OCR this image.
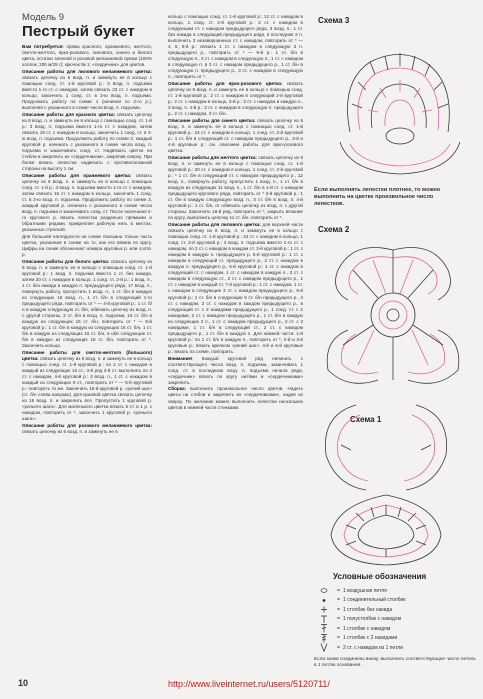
Модель 9
Пестрый букет

Вам потребуется: пряжа красного, оранжевого, желтого, светло-желтого, ярко-розового, лилового, синего и белого цвета, остатки зеленой и розовой меланжевой пряжи (100% хлопок, 200 м/25 г); крючок № 1; «сердечник» для цветов.

Описание работы для лилового меланжевого цветка: связать цепочку из 6 возд. п. и замкнуть ее в кольцо с помощью соед. ст. 1-й круговой р.: 3 возд. п. подъема вместо 1-го ст. с накидом, затем связать 23 ст. с накидом в кольцо, закончить 1 соед. ст. в 3-ю возд. п. подъема. Продолжить работу по схеме 1 (начиная со 2-го р.), выполняя с указанного в схеме числа возд. п. подъема.

Описание работы для красного цветка: связать цепочку из 8 возд. п. и замкнуть ее в кольцо с помощью соед. ст. 1-й р.: 3 возд. п. подъема вместо 1-го ст. с накидом, затем связать 19 ст. с накидом в кольцо, закончить 1 соед. ст. в 3-ю возд. п. подъема. Продолжить работу по схеме 2, каждый круговой р. начинать с указанного в схеме числа возд. п. подъема и заканчивать соед. ст. Надвязать цветок на стебли и закрепить их «сердечником», закрепив сверху. При болке вязать лепестки надвязать с противоположной стороны на высоту 1 см.

Описание работы для оранжевого цветка: связать цепочку из 6 возд. п. и замкнуть ее в кольцо с помощью соед. ст. 1-й р.: 3 возд. п. подъема вместо 1-го ст. с накидом, затем связать 15 ст. с накидом в кольцо, закончить 1 соед. ст. в 3-ю возд. п. подъема. Продолжить работу по схеме 3, каждый круговой р. начинать с указанного в схеме числа возд. п. подъема и заканчивать соед. ст. После окончания 2-го кругового р. вязать лепестки раздельно прямыми и обратными рядами, прикрепляя рабочую нить в местах, указанных стрелкой.

Для большей наглядности на схеме показана только часть цветка, указанная в схеме на то, как его вяжем по кругу. Цифры на схеме обозначают номера круговых р. или соотв. р.

Описание работы для белого цветка: связать цепочку из 8 возд. п. и замкнуть ее в кольцо с помощью соед. ст. 1-й круговой р.: 1 возд. п. подъема вместо 1 ст. без накида, затем 20 ст. с накидом в кольцо, 1 соед. ст. 2-й р.: 1 возд. п., 1 ст. без накида в каждую п. предыдущего ряда, 17 возд. п., повернуть работу, пропустить 1 возд. п., 1 ст. б/н в каждую из следующих 16 возд. п., 1 ст. б/н в следующий 1-го предыдущего ряда, повторить от * — 4-й круговой р.: 1 ст. б/н в каждую следующую ст. б/н, обвязать цепочку из возд. п. с другой стороны, 3 ст. б/н в возд. п. подъема, 16 ст. б/н в каждую из следующих 16 ст. б/н, повторить от * — 5-й круговой р.: 1 ст. б/н в каждую из следующих 16 ст. б/н, 1 ст. б/н в каждую из следующих 16 ст. б/н, в обе следующие ст. б/н в каждую из следующих 16 ст. б/н, повторить от *. Закончить кольцо.

Описание работы для светло-желтого (большого) цветка: связать цепочку из 6 возд. п. и замкнуть ее в кольцо с помощью соед. ст. 1-й круговой р.: по 2 ст. с накидом в каждый из следующих 16 ст., 3-й ряд 3-й ст. выполнять по 2 ст. с накидом, 4-й круговой р.: 3 возд. п., 1 ст. с накидом в каждый из следующих 6 ст., повторить от * — 5-й круговой р.: повторять то же. Закончить 16-й круговой р. «рачий шаг» (ст. б/н слева направо). Для краевой цветка связать цепочку из 18 возд. п. и закрепить все. Пропустить 1 круговой р. «рачьего шага». Для маленького цветка вязать 5 ст. в 1 р. с накидом, повторить от *, закончить 1 круговой р. «рачьего шага».

Описание работы для розового меланжевого цветка: связать цепочку из 6 возд. п. и замкнуть ее в

кольцо с помощью соед. ст. 1-й круговой р.: 12 ст. с накидом в кольцо, 1 соед. ст. 2-й круговой р.: 2 ст. с накидом в следующем ст. с накидом предыдущего ряда, 3 возд. п., 1 ст. без накида в следующий предыдущего ряда, в последние 2 п. выполнить 3 незавершенных ст. с накидом, повторить от * — 4, 6, 8-й р.: связать 1 ст. с накидом в следующую 3 п. предыдущего р., повторить от * — 9-й р.: 1 ст. б/н в следующую п., 3 ст. с накидом в следующую п., 1 ст. с накидом в следующую п. в 3 ст. с накидом предыдущего р., 1 ст. б/н в следующую п. предыдущего р., 3 ст. с накидом в следующую п., повторить от *.

Описание работы для ярко-розового цветка: связать цепочку из 8 возд. п. и замкнуть ее в кольцо с помощью соед. ст. 1-й круговой р.: 2 ст. с накидом в следующий 2-й круговой р.: 2 ст. с накидом в кольцо, 3-й р.: 3 ст. с накидом в каждую п., 3 возд. п. 4-й р.: 3 ст. с накидом в следующую п. предыдущего р., 2 ст. с накидом, 3 ст. б/н.

Описание работы для синего цветка: связать цепочку из 6 возд. п. и замкнуть ее в кольцо с помощью соед. ст. 1-й круговой р.: 24 ст. с накидом в кольцо, 1 соед. ст. 2-й круговой р.: 1 ст. б/н в следующий ст. с накидом предыдущего р., 3-й и 4-й круговые р.: см. описание работы для ярко-розового цветка.

Описание работы для желтого цветка: связать цепочку из 8 возд. п. и замкнуть ее в кольцо с помощью соед. ст. 1-й круговой р.: 20 ст. с накидом в кольцо, 1 соед. ст. 2-й круговой р.: * 1 ст. б/н в следующий ст. с накидом предыдущего р., 12 возд. п., повернуть работу, пропустить 1 возд. п., 1 ст. б/н в каждую из следующих 11 возд. п., 1 ст. б/н в 1-й ст. с накидом предыдущего кругового ряда, повторить от * 3-й круговой р.: 1 ст. б/н в каждую следующую возд. п., 3 ст. б/н в возд. п. 4-й круговой р.: 1 ст. б/н, от обвязать цепочку из возд. п. с другой стороны. Закончить 16-й ряд, повторить от *, закрыть вязание по кругу, выполнить цепочку 11 ст. б/н, повторить от *.

Описание работы для лилового цветка: для верхней части связать цепочку из 6 возд. п. и замкнуть ее в кольцо с помощью соед. ст. 1-й круговой р.: 24 ст. с накидом в кольцо, 1 соед. ст. 2-й круговой р.: 3 возд. п. подъема вместо 1-го ст. с накидом, по 2 ст. с накидом в каждом ст. 3-й круговой р.: 1 ст. с накидом в каждую п. предыдущего р. 5-й круговой р.: 1 ст. с накидом в следующий ст. предыдущего р., 2 ст. с накидом в каждую п. предыдущего р., 6-й круговой р.: 1 ст. с накидом в следующий ст. с накидом, 1 ст. с накидом в каждую п., 3 ст. с накидом в следующую ст., 2 ст. с накидом предыдущего р., 1 ст. с накидом в каждый ст. 7-й круговой р.: 1 ст. с накидом, 1 ст. с накидом в следующие 3 ст. с накидом предыдущего р., 6-й круговой р.: 1 ст. б/н в следующие 5 ст. б/н предыдущего р., 3 ст. с накидом, 2 ст. с накидом в каждом предыдущего р., в следующий ст. с 2 накидами предыдущего р., 1 соед. ст. с 2 накидами, 2 ст. с накидом предыдущего р., 1 ст. б/н в каждую из следующих 2 п., 1 ст. с накидом предыдущего р., 2 ст. с 2 накидами, 1 ст. б/н в следующий ст., 2 ст. с накидом предыдущего р., 1 ст. б/н в каждую п. Для нижней части: 1-й круговой р.: по 1 ст. б/н в каждую п., повторить от *, 2-й и 3-й круговые р.: вязать крючком «рачий шаг». 4-й и 5-й круговые р.: вязать по схеме, повторить.

Внимание! Каждый круговой ряд начинать с соответствующего числа возд. п. подъема, заканчивать 1 соед. ст. в последнюю возд. п. подъема начала ряда, «сердечник» вязать по кругу нитями и «сердечниками» закрепить.

Сборка: выполнить произвольное число цветов. Надеть цветы на стебли и закрепить их «сердечниками», надев их сверху. По желанию можно выполнить лепестки нескольких цветов в нижней части стежками.

Схема 3
Если выполнять лепестки плотнее, то можно выполнить на цветке произвольное число лепестков.
Схема 2
Схема 1
Условные обозначения
= 1 воздушная петля
= 1 соединительный столбик
= 1 столбик без накида
= 1 полустолбик с накидом
= 1 столбик с накидом
= 1 столбик с 2 накидами
= 2 ст. с накидом из 1 петли
Если знаки соединены внизу, выполнить соответствующее число петель в 1 петлю основания.
10	http://www.liveinternet.ru/users/5120711/
